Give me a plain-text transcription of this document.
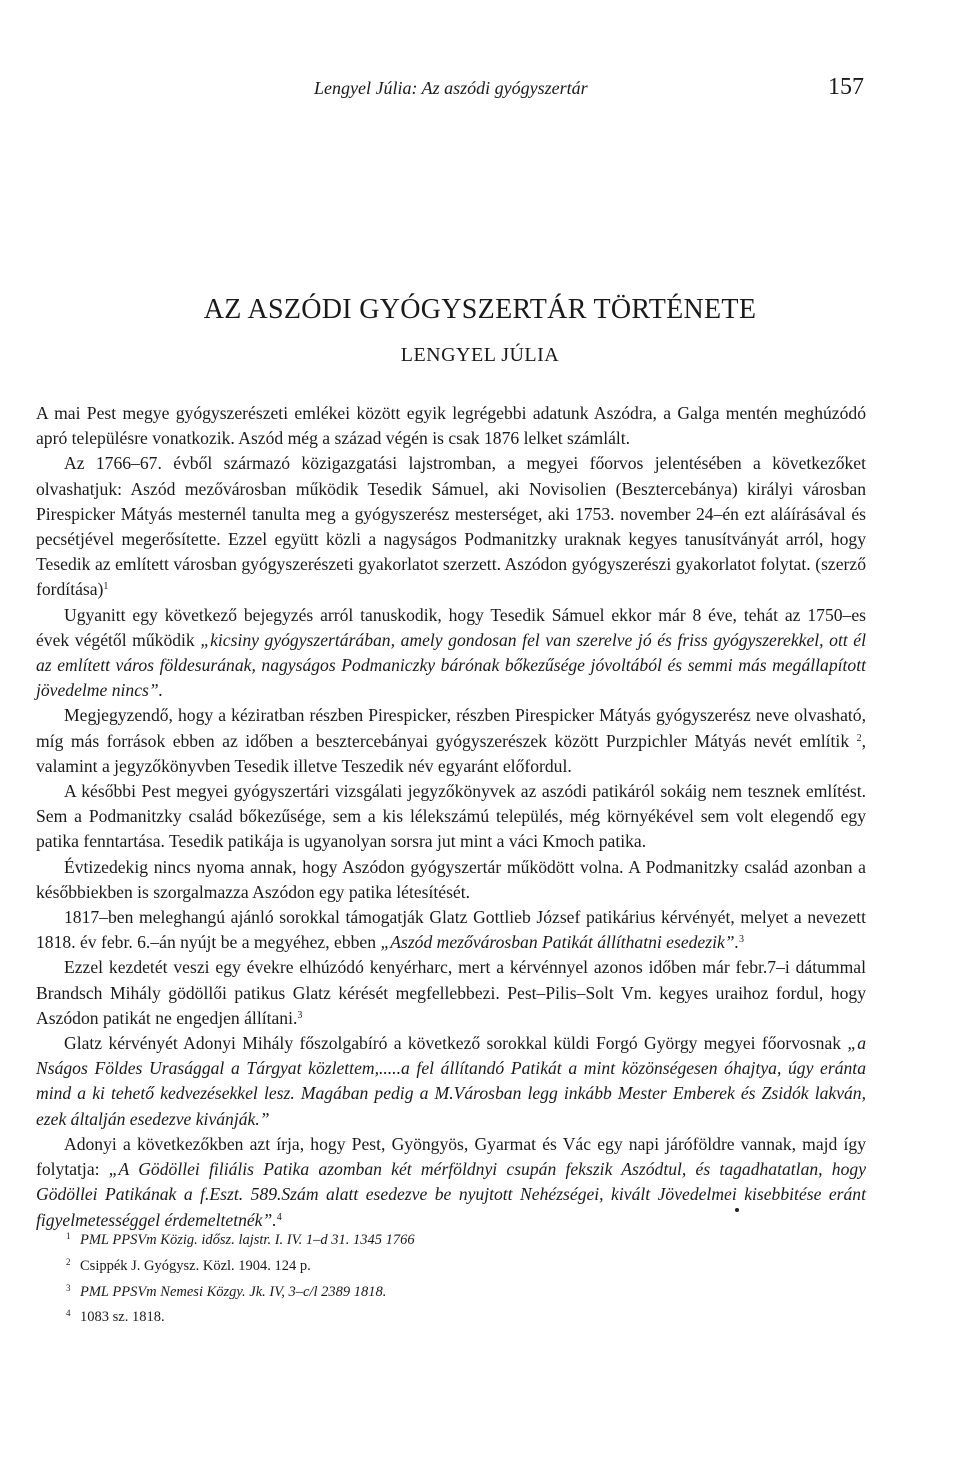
Lengyel Júlia: Az aszódi gyógyszertár	157
AZ ASZÓDI GYÓGYSZERTÁR TÖRTÉNETE
LENGYEL JÚLIA

A mai Pest megye gyógyszerészeti emlékei között egyik legrégebbi adatunk Aszódra, a Galga mentén meghúzódó apró településre vonatkozik. Aszód még a század végén is csak 1876 lelket számlált.

Az 1766–67. évből származó közigazgatási lajstromban, a megyei főorvos jelentésében a következőket olvashatjuk: Aszód mezővárosban működik Tesedik Sámuel, aki Novisolien (Besztercebánya) királyi városban Pirespicker Mátyás mesternél tanulta meg a gyógyszerész mesterséget, aki 1753. november 24–én ezt aláírásával és pecsétjével megerősítette. Ezzel együtt közli a nagyságos Podmanitzky uraknak kegyes tanusítványát arról, hogy Tesedik az említett városban gyógyszerészeti gyakorlatot szerzett. Aszódon gyógyszerészi gyakorlatot folytat. (szerző fordítása)$^1$

Ugyanitt egy következő bejegyzés arról tanuskodik, hogy Tesedik Sámuel ekkor már 8 éve, tehát az 1750–es évek végétől működik „kicsiny gyógyszertárában, amely gondosan fel van szerelve jó és friss gyógyszerekkel, ott él az említett város földesurának, nagyságos Podmaniczky bárónak bőkezűsége jóvoltából és semmi más megállapított jövedelme nincs”.

Megjegyzendő, hogy a kéziratban részben Pirespicker, részben Pirespicker Mátyás gyógyszerész neve olvasható, míg más források ebben az időben a besztercebányai gyógyszerészek között Purzpichler Mátyás nevét említik $^2$, valamint a jegyzőkönyvben Tesedik illetve Teszedik név egyaránt előfordul.

A későbbi Pest megyei gyógyszertári vizsgálati jegyzőkönyvek az aszódi patikáról sokáig nem tesznek említést. Sem a Podmanitzky család bőkezűsége, sem a kis lélekszámú település, még környékével sem volt elegendő egy patika fenntartása. Tesedik patikája is ugyanolyan sorsra jut mint a váci Kmoch patika.

Évtizedekig nincs nyoma annak, hogy Aszódon gyógyszertár működött volna. A Podmanitzky család azonban a későbbiekben is szorgalmazza Aszódon egy patika létesítését.

1817–ben meleghangú ajánló sorokkal támogatják Glatz Gottlieb József patikárius kérvényét, melyet a nevezett 1818. év febr. 6.–án nyújt be a megyéhez, ebben „Aszód mezővárosban Patikát állíthatni esedezik”.$^3$

Ezzel kezdetét veszi egy évekre elhúzódó kenyérharc, mert a kérvénnyel azonos időben már febr.7–i dátummal Brandsch Mihály gödöllői patikus Glatz kérését megfellebbezi. Pest–Pilis–Solt Vm. kegyes uraihoz fordul, hogy Aszódon patikát ne engedjen állítani.$^3$

Glatz kérvényét Adonyi Mihály főszolgabíró a következő sorokkal küldi Forgó György megyei főorvosnak „a Nságos Földes Urasággal a Tárgyat közlettem,.....a fel állítandó Patikát a mint közönségesen óhajtya, úgy eránta mind a ki tehető kedvezésekkel lesz. Magában pedig a M.Városban legg inkább Mester Emberek és Zsidók lakván, ezek általján esedezve kivánják.”

Adonyi a következőkben azt írja, hogy Pest, Gyöngyös, Gyarmat és Vác egy napi járóföldre vannak, majd így folytatja: „A Gödöllei filiális Patika azomban két mérföldnyi csupán fekszik Aszódtul, és tagadhatatlan, hogy Gödöllei Patikának a f.Eszt. 589.Szám alatt esedezve be nyujtott Nehézségei, kivált Jövedelmei kisebbitése eránt figyelmetességgel érdemeltetnék”.$^4$

1 PML PPSVm Közig. idősz. lajstr. I. IV. 1–d 31. 1345 1766

2 Csippék J. Gyógysz. Közl. 1904. 124 p.

3 PML PPSVm Nemesi Közgy. Jk. IV, 3–c/l 2389 1818.

4 1083 sz. 1818.
